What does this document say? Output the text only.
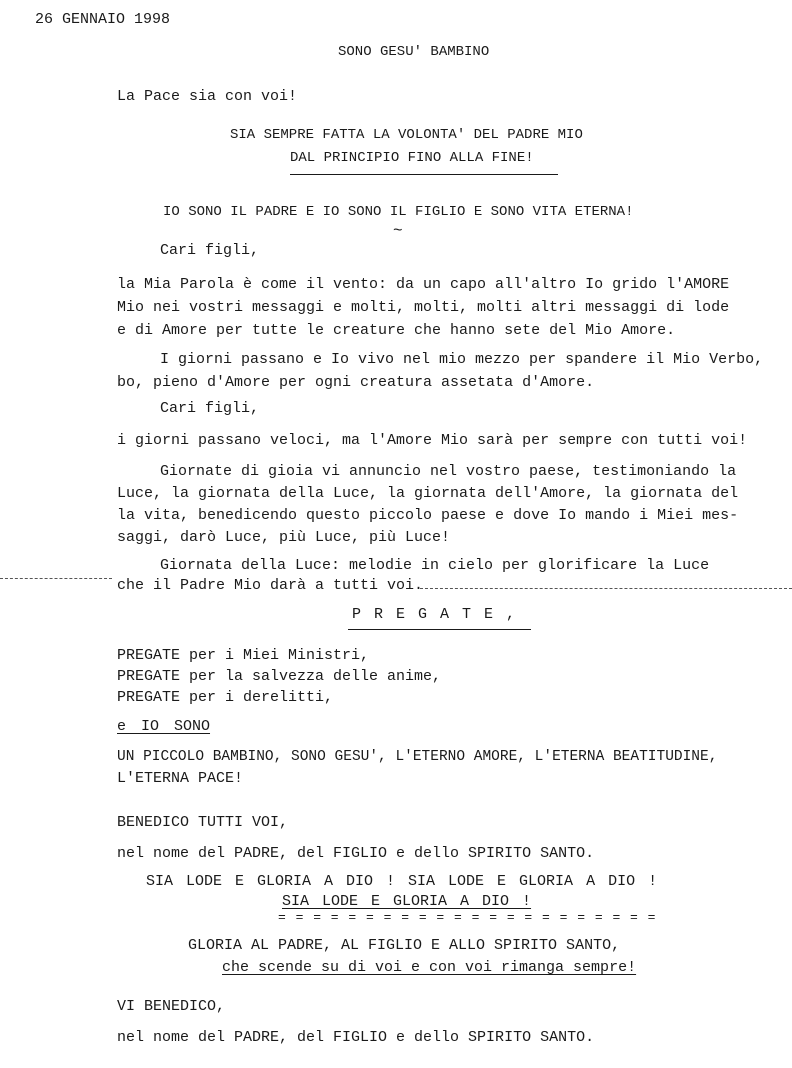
26 GENNAIO 1998
SONO GESU' BAMBINO
La Pace sia con voi!
SIA SEMPRE FATTA LA VOLONTA' DEL PADRE MIO
DAL PRINCIPIO FINO ALLA FINE!
IO SONO IL PADRE E IO SONO IL FIGLIO E SONO VITA ETERNA!
~
Cari figli,
la Mia Parola è come il vento: da un capo all'altro Io grido l'AMORE
Mio nei vostri messaggi e molti, molti, molti altri messaggi di lode
e di Amore per tutte le creature che hanno sete del Mio Amore.
I giorni passano e Io vivo nel mio mezzo per spandere il Mio Verbo,
bo, pieno d'Amore per ogni creatura assetata d'Amore.
Cari figli,
i giorni passano veloci, ma l'Amore Mio sarà per sempre con tutti voi!
Giornate di gioia vi annuncio nel vostro paese, testimoniando la
Luce, la giornata della Luce, la giornata dell'Amore, la giornata del
la vita, benedicendo questo piccolo paese e dove Io mando i Miei mes-
saggi, darò Luce, più Luce, più Luce!
Giornata della Luce: melodie in cielo per glorificare la Luce
che il Padre Mio darà a tutti voi.
P R E G A T E ,
PREGATE per i Miei Ministri,
PREGATE per la salvezza delle anime,
PREGATE per i derelitti,
e IO SONO
UN PICCOLO BAMBINO, SONO GESU', L'ETERNO AMORE, L'ETERNA BEATITUDINE,
L'ETERNA PACE!
BENEDICO TUTTI VOI,
nel nome del PADRE, del FIGLIO e dello SPIRITO SANTO.
SIA LODE E GLORIA A DIO ! SIA LODE E GLORIA A DIO !
SIA LODE E GLORIA A DIO !
= = = = = = = = = = = = = = = = = = = = = =
GLORIA AL PADRE, AL FIGLIO E ALLO SPIRITO SANTO,
che scende su di voi e con voi rimanga sempre!
VI BENEDICO,
nel nome del PADRE, del FIGLIO e dello SPIRITO SANTO.
